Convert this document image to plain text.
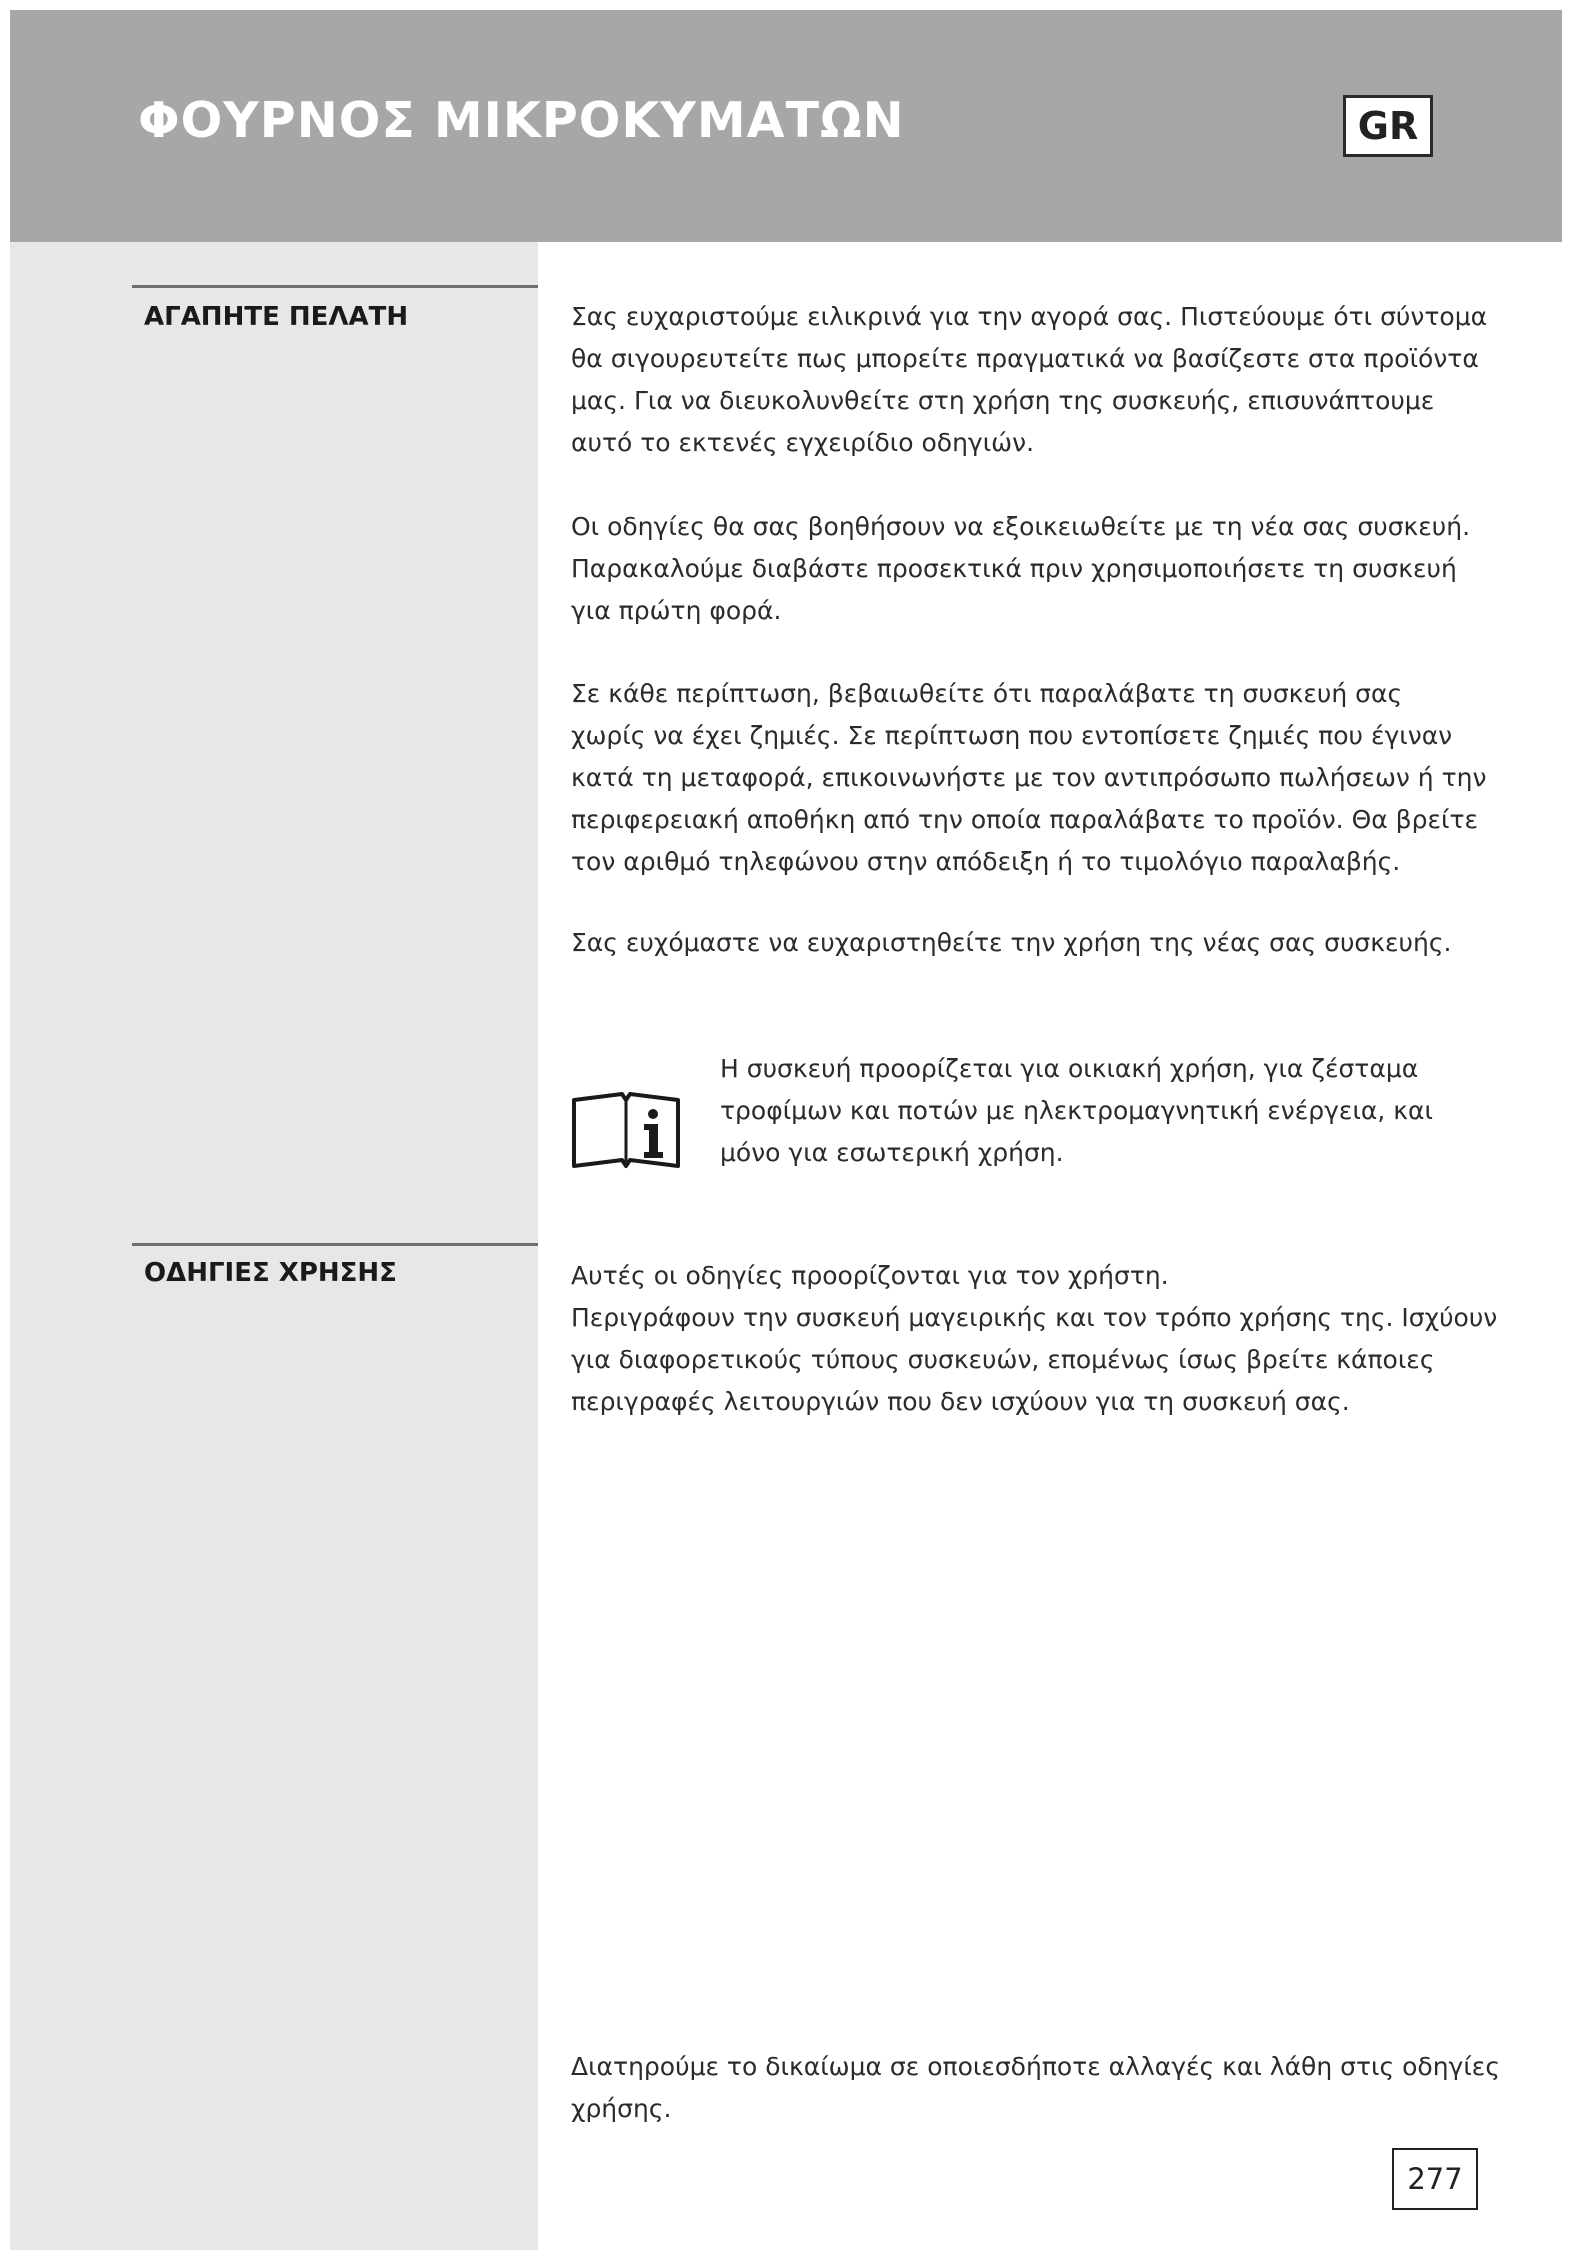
ΦΟΥΡΝΟΣ ΜΙΚΡΟΚΥΜΑΤΩΝ	GR
ΑΓΑΠΗΤΕ ΠΕΛΑΤΗ	Σας ευχαριστούμε ειλικρινά για την αγορά σας. Πιστεύουμε ότι σύντομα

θα σιγουρευτείτε πως μπορείτε πραγματικά να βασίζεστε στα προϊόντα

μας. Για να διευκολυνθείτε στη χρήση της συσκευής, επισυνάπτουμε

αυτό το εκτενές εγχειρίδιο οδηγιών.

Οι οδηγίες θα σας βοηθήσουν να εξοικειωθείτε με τη νέα σας συσκευή.

Παρακαλούμε διαβάστε προσεκτικά πριν χρησιμοποιήσετε τη συσκευή

για πρώτη φορά.

Σε κάθε περίπτωση, βεβαιωθείτε ότι παραλάβατε τη συσκευή σας

χωρίς να έχει ζημιές. Σε περίπτωση που εντοπίσετε ζημιές που έγιναν

κατά τη μεταφορά, επικοινωνήστε με τον αντιπρόσωπο πωλήσεων ή την

περιφερειακή αποθήκη από την οποία παραλάβατε το προϊόν. Θα βρείτε

τον αριθμό τηλεφώνου στην απόδειξη ή το τιμολόγιο παραλαβής.

Σας ευχόμαστε να ευχαριστηθείτε την χρήση της νέας σας συσκευής.

Η συσκευή προορίζεται για οικιακή χρήση, για ζέσταμα

τροφίμων και ποτών με ηλεκτρομαγνητική ενέργεια, και

μόνο για εσωτερική χρήση.

ΟΔΗΓΙΕΣ ΧΡΗΣΗΣ	Αυτές οι οδηγίες προορίζονται για τον χρήστη.

Περιγράφουν την συσκευή μαγειρικής και τον τρόπο χρήσης της. Ισχύουν

για διαφορετικούς τύπους συσκευών, επομένως ίσως βρείτε κάποιες

περιγραφές λειτουργιών που δεν ισχύουν για τη συσκευή σας.

Διατηρούμε το δικαίωμα σε οποιεσδήποτε αλλαγές και λάθη στις οδηγίες

χρήσης.

277
